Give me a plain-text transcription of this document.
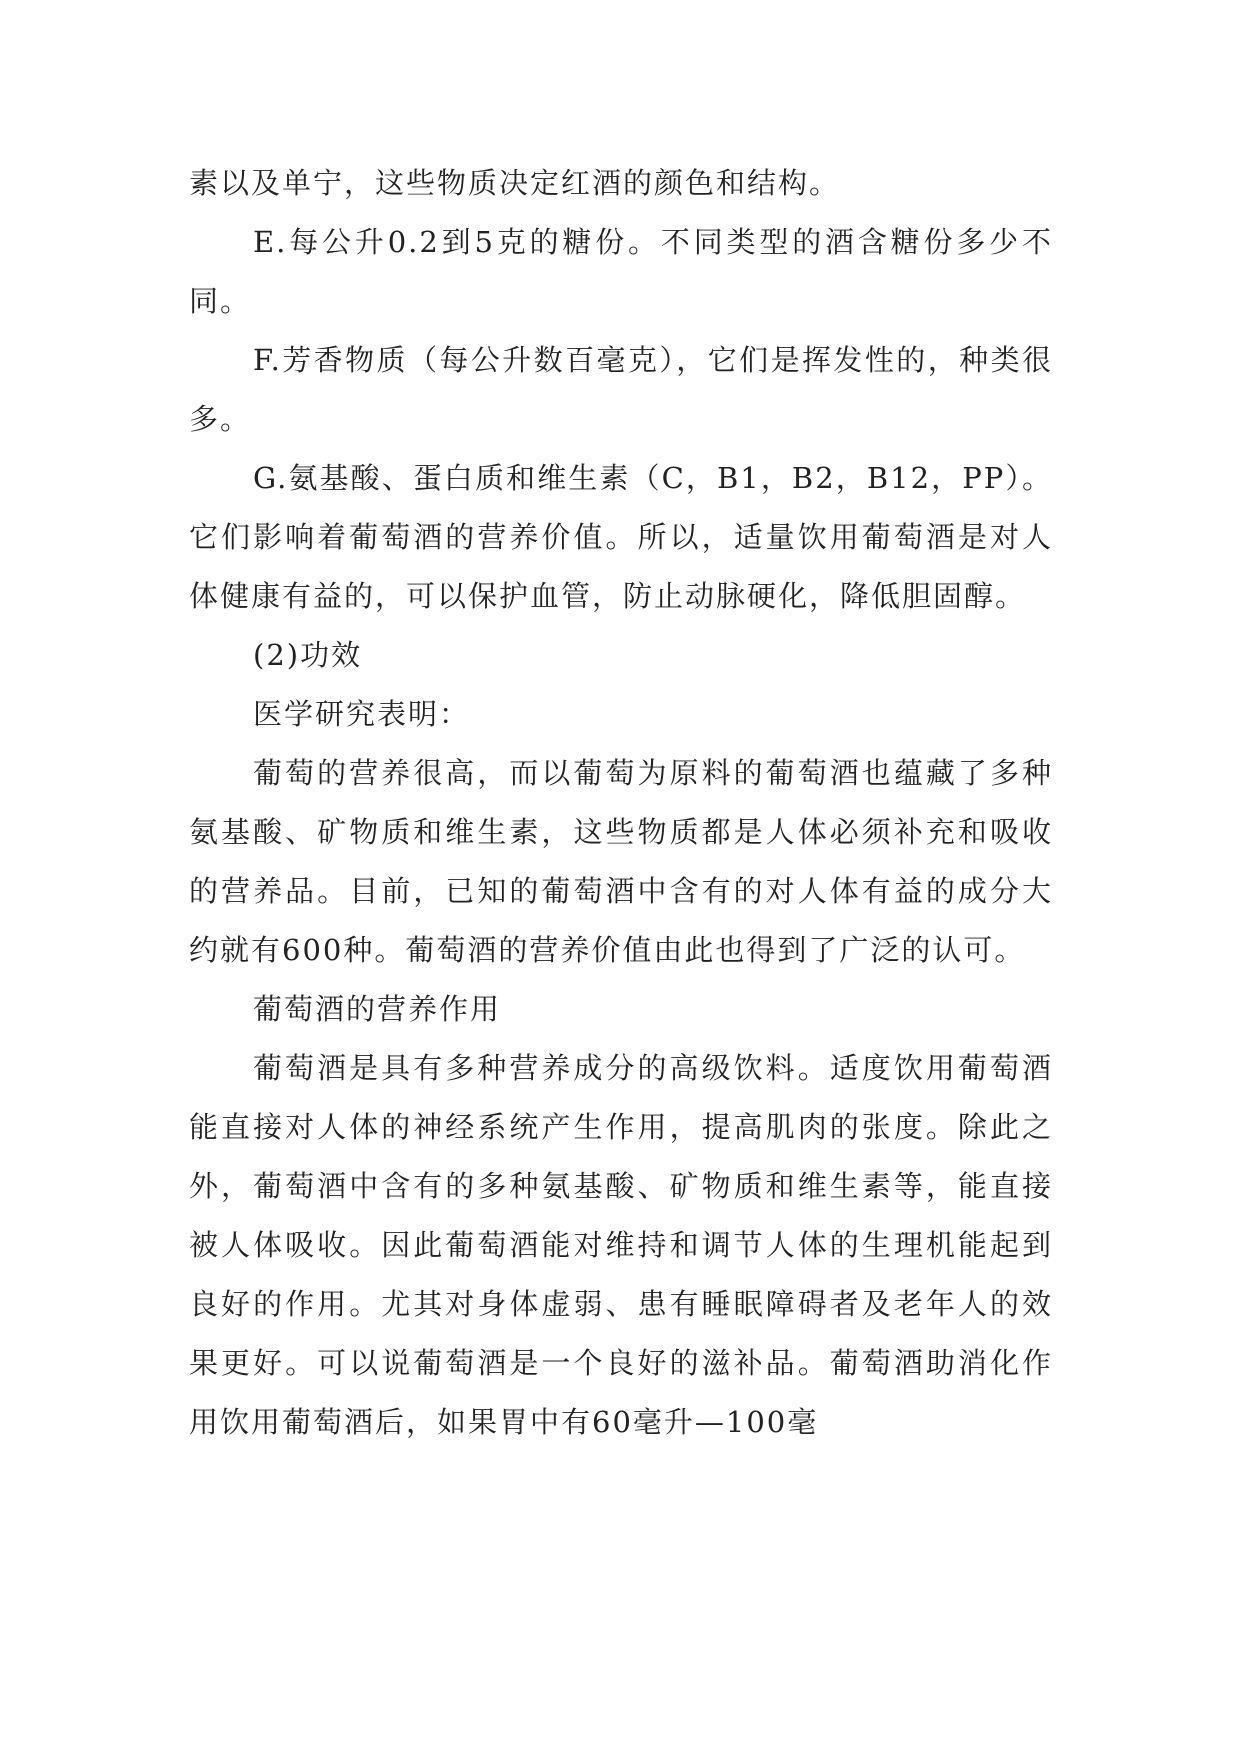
素以及单宁，这些物质决定红酒的颜色和结构。

E.每公升0.2到5克的糖份。不同类型的酒含糖份多少不同。

F.芳香物质（每公升数百毫克），它们是挥发性的，种类很多。

G.氨基酸、蛋白质和维生素（C，B1，B2，B12，PP）。它们影响着葡萄酒的营养价值。所以，适量饮用葡萄酒是对人体健康有益的，可以保护血管，防止动脉硬化，降低胆固醇。

(2)功效

医学研究表明：

葡萄的营养很高，而以葡萄为原料的葡萄酒也蕴藏了多种氨基酸、矿物质和维生素，这些物质都是人体必须补充和吸收的营养品。目前，已知的葡萄酒中含有的对人体有益的成分大约就有600种。葡萄酒的营养价值由此也得到了广泛的认可。

葡萄酒的营养作用

葡萄酒是具有多种营养成分的高级饮料。适度饮用葡萄酒能直接对人体的神经系统产生作用，提高肌肉的张度。除此之外，葡萄酒中含有的多种氨基酸、矿物质和维生素等，能直接被人体吸收。因此葡萄酒能对维持和调节人体的生理机能起到良好的作用。尤其对身体虚弱、患有睡眠障碍者及老年人的效果更好。可以说葡萄酒是一个良好的滋补品。葡萄酒助消化作用饮用葡萄酒后，如果胃中有60毫升—100毫
